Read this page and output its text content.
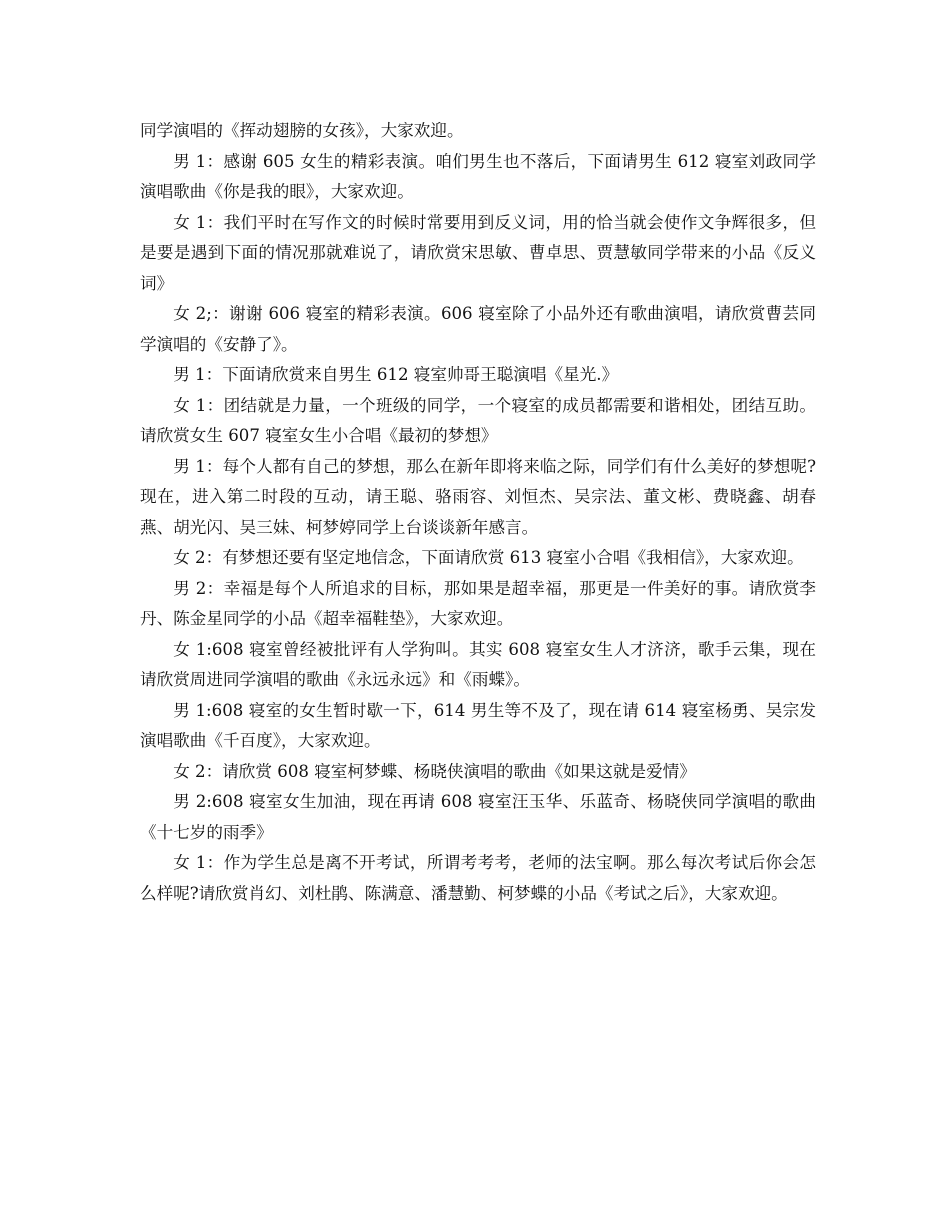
同学演唱的《挥动翅膀的女孩》，大家欢迎。

男 1：感谢 605 女生的精彩表演。咱们男生也不落后，下面请男生 612 寝室刘政同学演唱歌曲《你是我的眼》，大家欢迎。

女 1：我们平时在写作文的时候时常要用到反义词，用的恰当就会使作文争辉很多，但是要是遇到下面的情况那就难说了，请欣赏宋思敏、曹卓思、贾慧敏同学带来的小品《反义词》

女 2;：谢谢 606 寝室的精彩表演。606 寝室除了小品外还有歌曲演唱，请欣赏曹芸同学演唱的《安静了》。

男 1：下面请欣赏来自男生 612 寝室帅哥王聪演唱《星光.》

女 1：团结就是力量，一个班级的同学，一个寝室的成员都需要和谐相处，团结互助。请欣赏女生 607 寝室女生小合唱《最初的梦想》

男 1：每个人都有自己的梦想，那么在新年即将来临之际，同学们有什么美好的梦想呢?现在，进入第二时段的互动，请王聪、骆雨容、刘恒杰、吴宗法、董文彬、费晓鑫、胡春燕、胡光闪、吴三妹、柯梦婷同学上台谈谈新年感言。

女 2：有梦想还要有坚定地信念，下面请欣赏 613 寝室小合唱《我相信》，大家欢迎。

男 2：幸福是每个人所追求的目标，那如果是超幸福，那更是一件美好的事。请欣赏李丹、陈金星同学的小品《超幸福鞋垫》，大家欢迎。

女 1:608 寝室曾经被批评有人学狗叫。其实 608 寝室女生人才济济，歌手云集，现在请欣赏周进同学演唱的歌曲《永远永远》和《雨蝶》。

男 1:608 寝室的女生暂时歇一下，614 男生等不及了，现在请 614 寝室杨勇、吴宗发演唱歌曲《千百度》，大家欢迎。

女 2：请欣赏 608 寝室柯梦蝶、杨晓侠演唱的歌曲《如果这就是爱情》

男 2:608 寝室女生加油，现在再请 608 寝室汪玉华、乐蓝奇、杨晓侠同学演唱的歌曲《十七岁的雨季》

女 1：作为学生总是离不开考试，所谓考考考，老师的法宝啊。那么每次考试后你会怎么样呢?请欣赏肖幻、刘杜鹃、陈满意、潘慧勤、柯梦蝶的小品《考试之后》，大家欢迎。
